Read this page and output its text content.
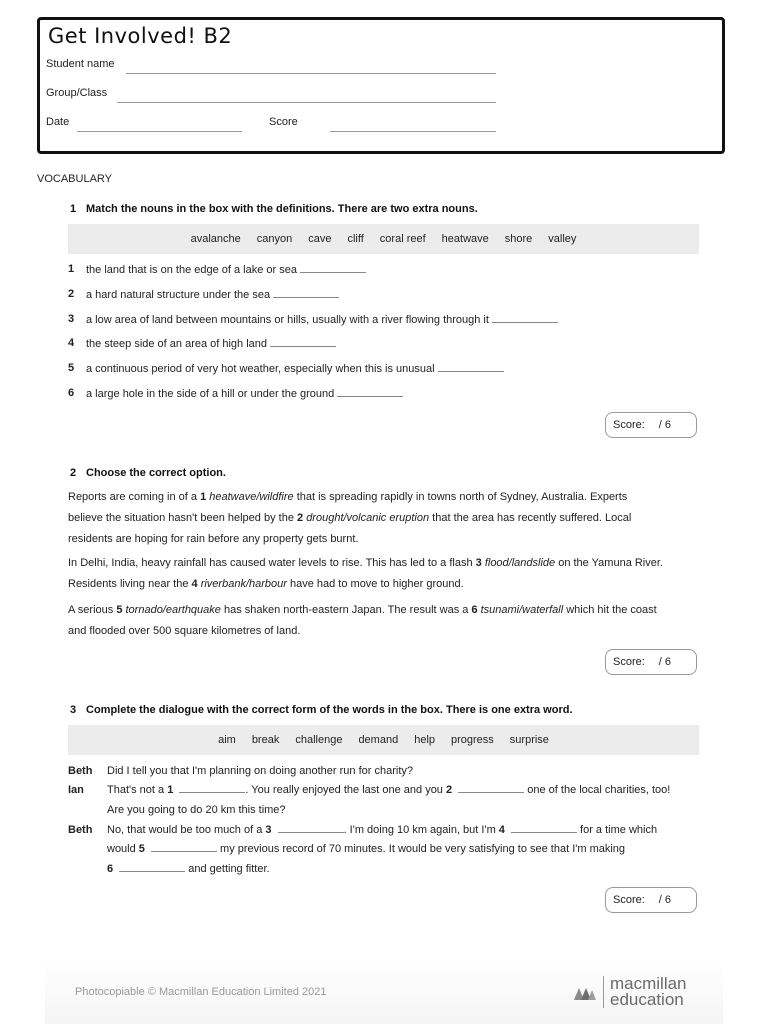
Get Involved! B2
Student name
Group/Class
Date	Score
VOCABULARY
1 Match the nouns in the box with the definitions. There are two extra nouns.
avalanche canyon cave cliff coral reef heatwave shore valley
1 the land that is on the edge of a lake or sea
2 a hard natural structure under the sea
3 a low area of land between mountains or hills, usually with a river flowing through it
4 the steep side of an area of high land
5 a continuous period of very hot weather, especially when this is unusual
6 a large hole in the side of a hill or under the ground
Score: / 6
2 Choose the correct option.
Reports are coming in of a 1 heatwave/wildfire that is spreading rapidly in towns north of Sydney, Australia. Experts
believe the situation hasn't been helped by the 2 drought/volcanic eruption that the area has recently suffered. Local
residents are hoping for rain before any property gets burnt.
In Delhi, India, heavy rainfall has caused water levels to rise. This has led to a flash 3 flood/landslide on the Yamuna River.
Residents living near the 4 riverbank/harbour have had to move to higher ground.
A serious 5 tornado/earthquake has shaken north-eastern Japan. The result was a 6 tsunami/waterfall which hit the coast
and flooded over 500 square kilometres of land.
Score: / 6
3 Complete the dialogue with the correct form of the words in the box. There is one extra word.
aim break challenge demand help progress surprise
Beth Did I tell you that I'm planning on doing another run for charity?
Ian That's not a 1	. You really enjoyed the last one and you 2	one of the local charities, too!
Are you going to do 20 km this time?
Beth No, that would be too much of a 3	. I'm doing 10 km again, but I'm 4	for a time which
would 5	my previous record of 70 minutes. It would be very satisfying to see that I'm making
6	and getting fitter.
Score: / 6
Photocopiable © Macmillan Education Limited 2021	macmillan
education
